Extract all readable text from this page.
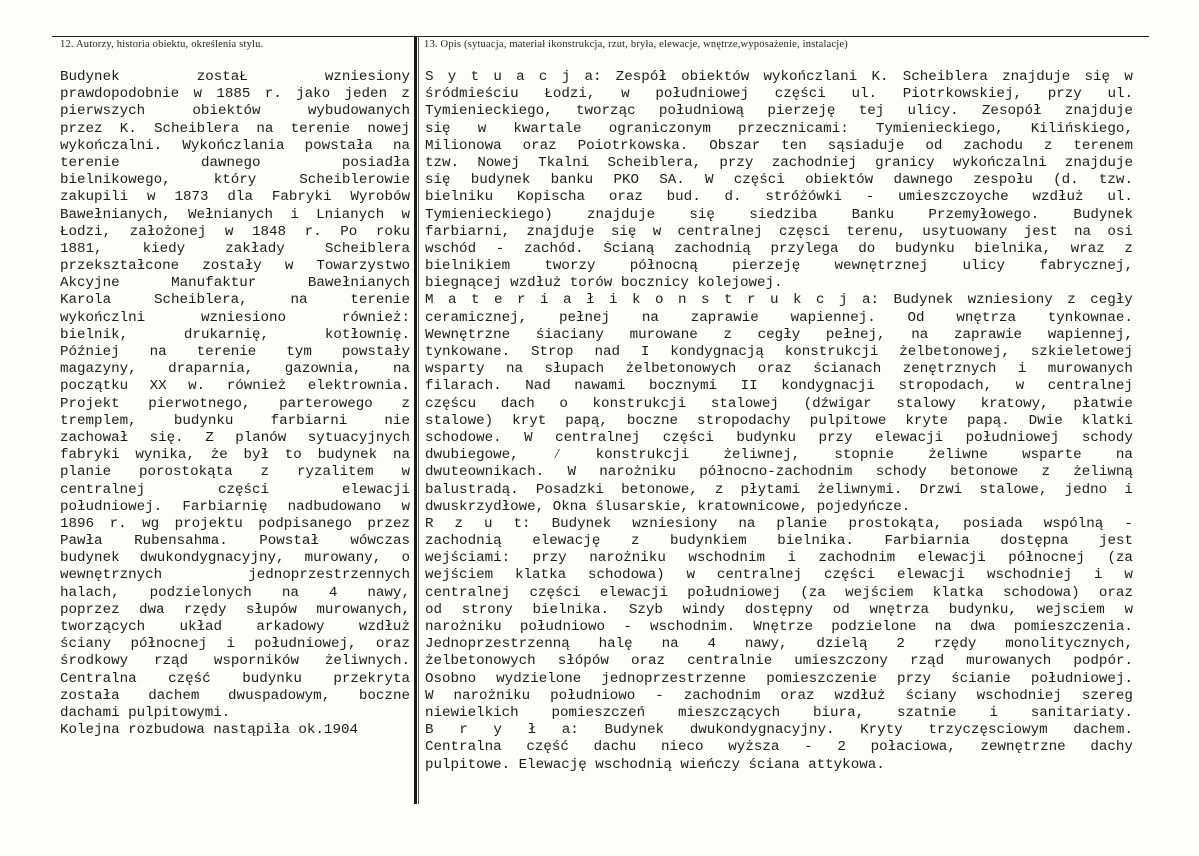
12. Autorzy, historia obiektu, określenia stylu.	13. Opis (sytuacja, materiał ikonstrukcja, rzut, bryła, elewacje, wnętrze,wyposażenie, instalacje)
Budynek	zostaŁ	wzniesiony
prawdopodobnie w 1885 r. jako jeden z
pierwszych	obiektów	wybudowanych
przez K. Scheiblera na terenie nowej
wykończalni. Wykończlania powstała na
terenie	dawnego	posiadła
bielnikowego,	który	Scheiblerowie
zakupili w 1873 dla Fabryki Wyrobów
Bawełnianych, Wełnianych i Lnianych w
Łodzi, założonej w 1848 r. Po roku
1881,	kiedy	zakłady	Scheiblera
przekształcone zostały w Towarzystwo
Akcyjne	Manufaktur	Bawełnianych
Karola	Scheiblera,	na	terenie
wykończlni	wzniesiono	również:
bielnik,	drukarnię,	kotłownię.
Później na terenie tym powstały
magazyny, draparnia, gazownia, na
początku XX w. również elektrownia.
Projekt pierwotnego, parterowego z
tremplem,	budynku	farbiarni	nie
zachował się. Z planów sytuacyjnych
fabryki wynika, że był to budynek na
planie porostokąta z ryzalitem w
centralnej	części	elewacji
południowej. Farbiarnię nadbudowano w
1896 r. wg projektu podpisanego przez
Pawła Rubensahma. Powstał wówczas
budynek dwukondygnacyjny, murowany, o
wewnętrznych	jednoprzestrzennych
halach, podzielonych na 4 nawy,
poprzez dwa rzędy słupów murowanych,
tworzących układ arkadowy wzdłuż
ściany północnej i południowej, oraz
środkowy rząd wsporników żeliwnych.
Centralna część budynku przekryta
została dachem dwuspadowym, boczne
dachami pulpitowymi.
Kolejna rozbudowa nastąpiła ok.1904
S y t u a c j a: Zespół obiektów wykończlani K. Scheiblera znajduje się w
śródmieściu Łodzi, w południowej części ul. Piotrkowskiej, przy ul.
Tymienieckiego, tworząc południową pierzeję tej ulicy. Zesopół znajduje
się w kwartale ograniczonym przecznicami: Tymienieckiego, Kilińskiego,
Milionowa oraz Poiotrkowska. Obszar ten sąsiaduje od zachodu z terenem
tzw. Nowej Tkalni Scheiblera, przy zachodniej granicy wykończalni znajduje
się budynek banku PKO SA. W części obiektów dawnego zespołu (d. tzw.
bielniku Kopischa oraz bud. d. stróżówki - umieszczoyche wzdłuż ul.
Tymienieckiego) znajduje się siedziba Banku Przemyłowego. Budynek
farbiarni, znajduje się w centralnej częsci terenu, usytuowany jest na osi
wschód - zachód. Ścianą zachodnią przylega do budynku bielnika, wraz z
bielnikiem tworzy północną pierzeję wewnętrznej ulicy fabrycznej,
biegnącej wzdłuż torów bocznicy kolejowej.
M a t e r i a ł i k o n s t r u k c j a: Budynek wzniesiony z cegły
ceramicznej, pełnej na zaprawie wapiennej. Od wnętrza tynkownae.
Wewnętrzne śiaciany murowane z cegły pełnej, na zaprawie wapiennej,
tynkowane. Strop nad I kondygnacją konstrukcji żelbetonowej, szkieletowej
wsparty na słupach żelbetonowych oraz ścianach zenętrznych i murowanych
filarach. Nad nawami bocznymi II kondygnacji stropodach, w centralnej
częścu dach o konstrukcji stalowej (dźwigar stalowy kratowy, płatwie
stalowe) kryt papą, boczne stropodachy pulpitowe kryte papą. Dwie klatki
schodowe. W centralnej części budynku przy elewacji południowej schody
dwubiegowe, ⁄ konstrukcji żeliwnej, stopnie żeliwne wsparte na
dwuteownikach. W narożniku północno-zachodnim schody betonowe z żeliwną
balustradą. Posadzki betonowe, z płytami żeliwnymi. Drzwi stalowe, jedno i
dwuskrzydłowe, Okna ślusarskie, kratownicowe, pojedyńcze.
R z u t: Budynek wzniesiony na planie prostokąta, posiada wspólną -
zachodnią elewację z budynkiem bielnika. Farbiarnia dostępna jest
wejściami: przy narożniku wschodnim i zachodnim elewacji północnej (za
wejściem klatka schodowa) w centralnej części elewacji wschodniej i w
centralnej części elewacji południowej (za wejściem klatka schodowa) oraz
od strony bielnika. Szyb windy dostępny od wnętrza budynku, wejsciem w
narożniku południowo - wschodnim. Wnętrze podzielone na dwa pomieszczenia.
Jednoprzestrzenną halę na 4 nawy, dzielą 2 rzędy monolitycznych,
żelbetonowych słópów oraz centralnie umieszczony rząd murowanych podpór.
Osobno wydzielone jednoprzestrzenne pomieszczenie przy ścianie południowej.
W narożniku południowo - zachodnim oraz wzdłuż ściany wschodniej szereg
niewielkich pomieszczeń mieszczących biura, szatnie i sanitariaty.
B r y ł a: Budynek dwukondygnacyjny. Kryty trzyczęsciowym dachem.
Centralna część dachu nieco wyższa - 2 połaciowa, zewnętrzne dachy
pulpitowe. Elewację wschodnią wieńczy ściana attykowa.
